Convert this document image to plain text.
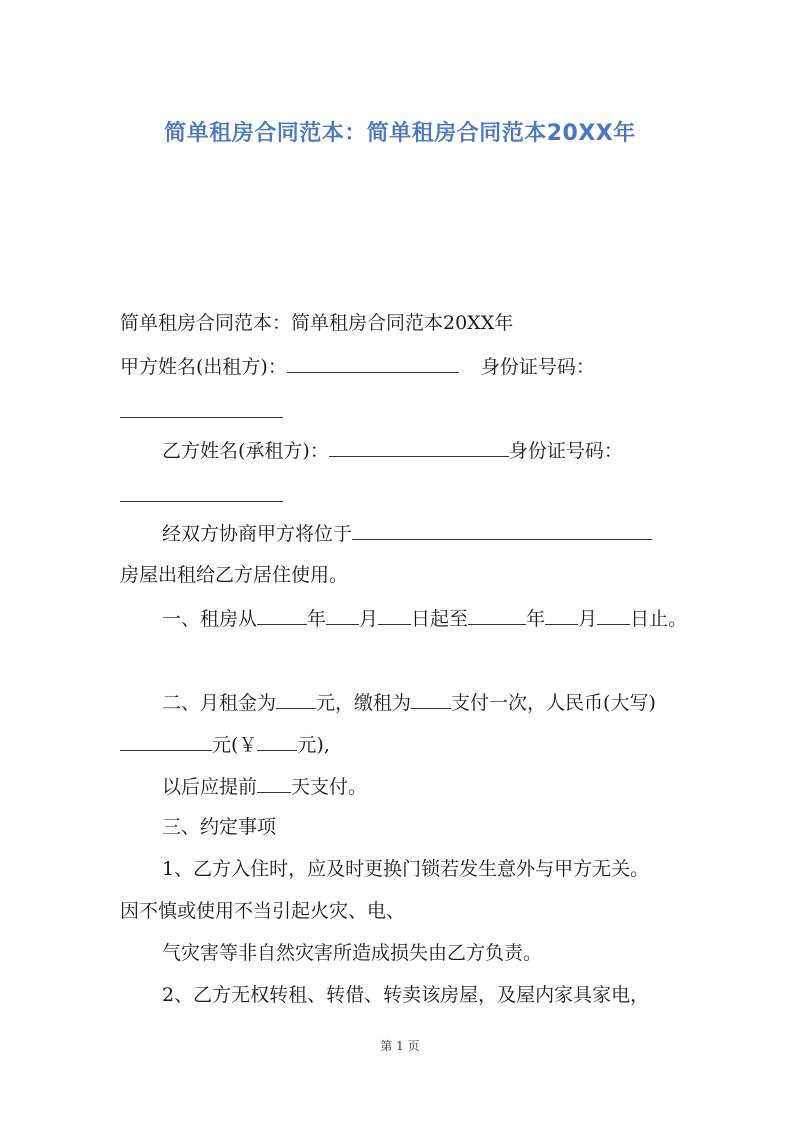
简单租房合同范本：简单租房合同范本20XX年
简单租房合同范本：简单租房合同范本20XX年
甲方姓名(出租方)：	身份证号码：
乙方姓名(承租方)：	身份证号码：
经双方协商甲方将位于
房屋出租给乙方居住使用。
一、租房从	年 月 日起至	年 月 日止。
二、月租金为 元，缴租为 支付一次，人民币(大写)
元(￥ 元),
以后应提前 天支付。
三、约定事项
1、乙方入住时，应及时更换门锁若发生意外与甲方无关。
因不慎或使用不当引起火灾、电、
气灾害等非自然灾害所造成损失由乙方负责。
2、乙方无权转租、转借、转卖该房屋，及屋内家具家电，
第 1 页
